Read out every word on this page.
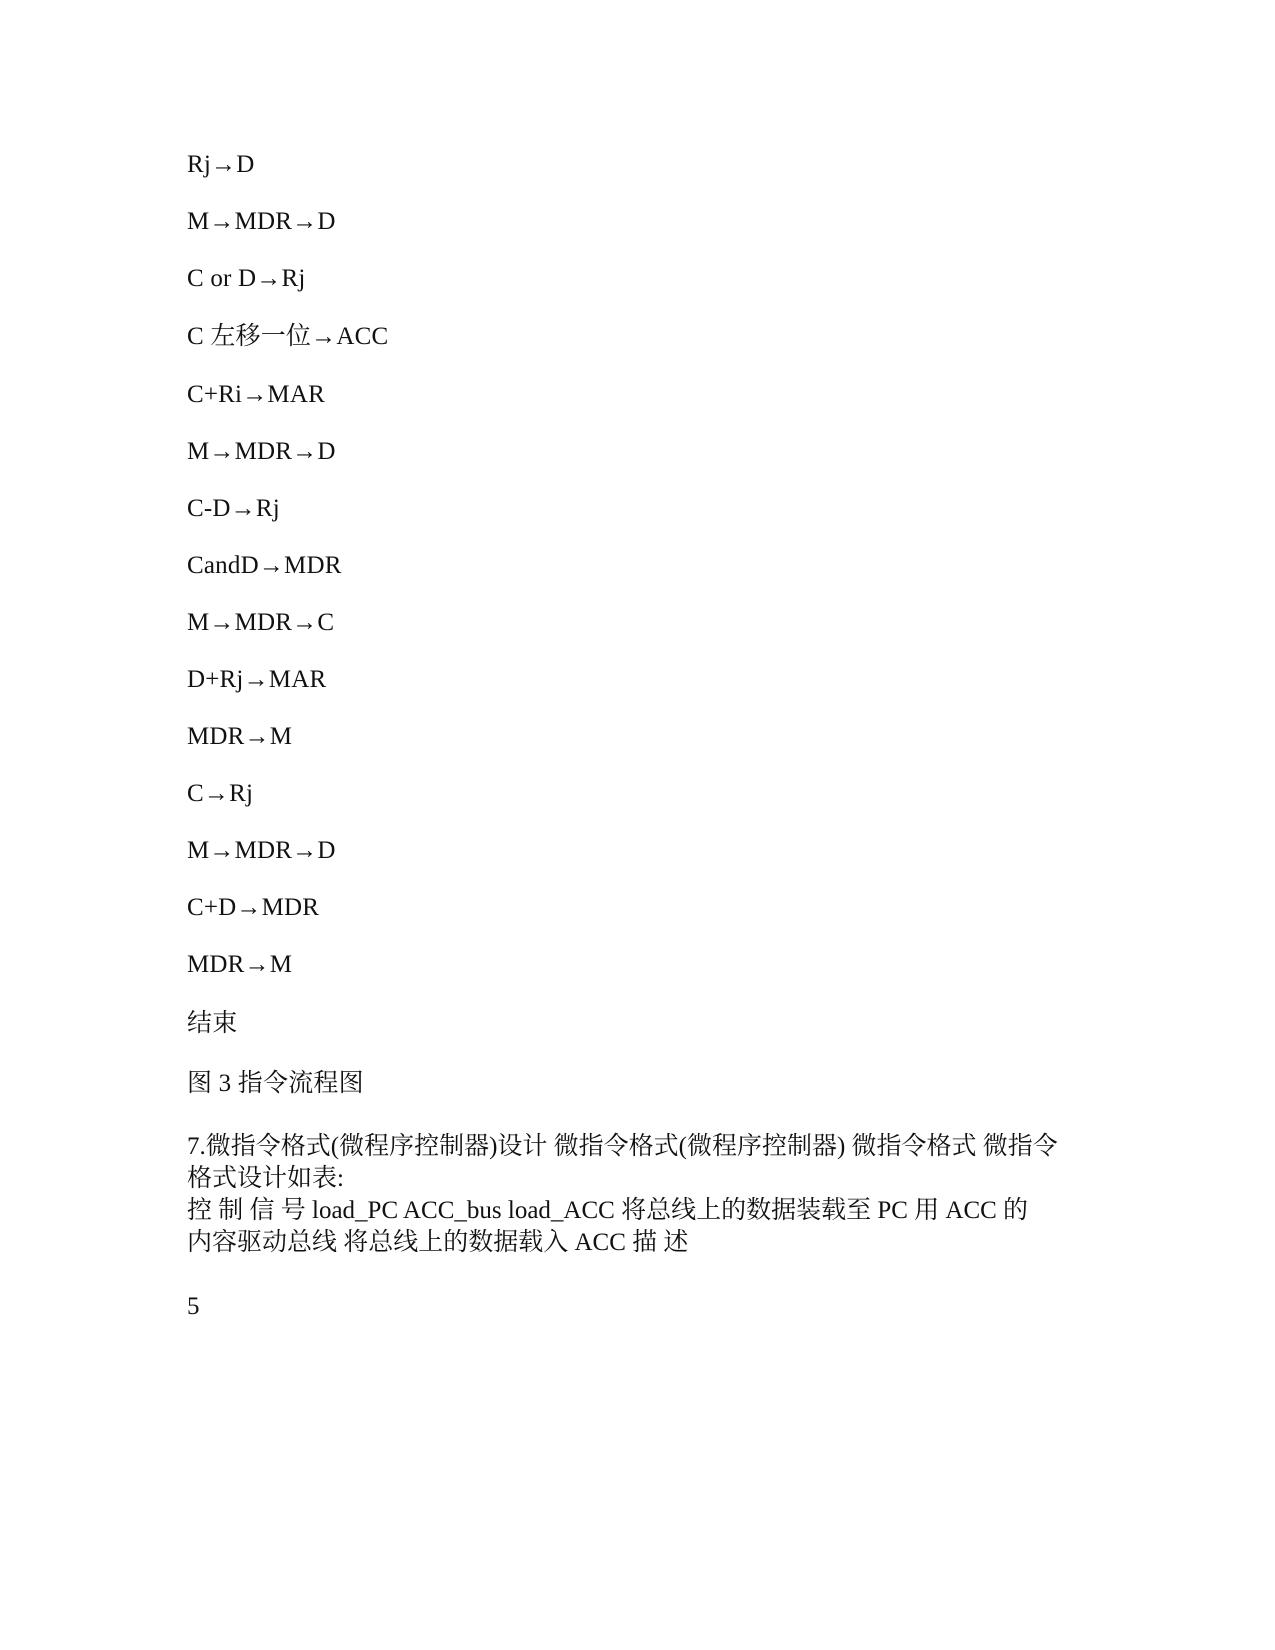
Rj→D
M→MDR→D
C or D→Rj
C 左移一位→ACC
C+Ri→MAR
M→MDR→D
C-D→Rj
CandD→MDR
M→MDR→C
D+Rj→MAR
MDR→M
C→Rj
M→MDR→D
C+D→MDR
MDR→M
结束
图 3 指令流程图
7.微指令格式(微程序控制器)设计 微指令格式(微程序控制器) 微指令格式 微指令
格式设计如表:
控 制 信 号 load_PC ACC_bus load_ACC 将总线上的数据装载至 PC 用 ACC 的
内容驱动总线 将总线上的数据载入 ACC 描 述
5
